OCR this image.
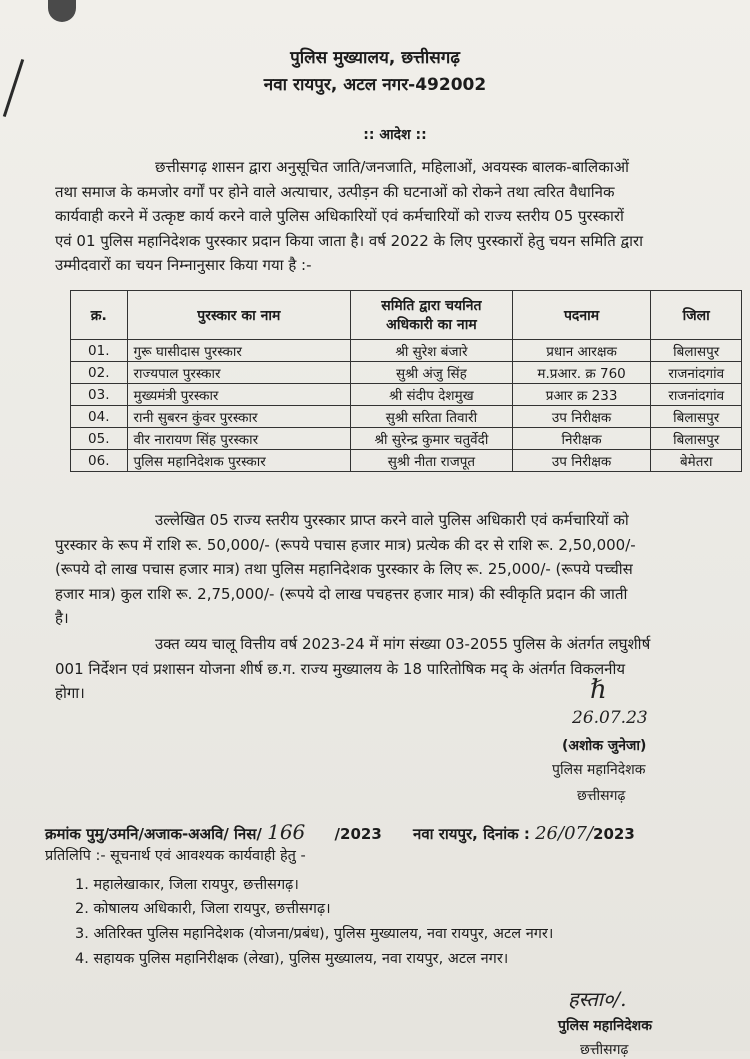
पुलिस मुख्यालय, छत्तीसगढ़
नवा रायपुर, अटल नगर-492002
:: आदेश ::
छत्तीसगढ़ शासन द्वारा अनुसूचित जाति/जनजाति, महिलाओं, अवयस्क बालक-बालिकाओं
तथा समाज के कमजोर वर्गों पर होने वाले अत्याचार, उत्पीड़न की घटनाओं को रोकने तथा त्वरित वैधानिक
कार्यवाही करने में उत्कृष्ट कार्य करने वाले पुलिस अधिकारियों एवं कर्मचारियों को राज्य स्तरीय 05 पुरस्कारों
एवं 01 पुलिस महानिदेशक पुरस्कार प्रदान किया जाता है। वर्ष 2022 के लिए पुरस्कारों हेतु चयन समिति द्वारा
उम्मीदवारों का चयन निम्नानुसार किया गया है :-
क्र.	पुरस्कार का नाम	समिति द्वारा चयनित अधिकारी का नाम	पदनाम	जिला
01.	गुरू घासीदास पुरस्कार	श्री सुरेश बंजारे	प्रधान आरक्षक	बिलासपुर
02.	राज्यपाल पुरस्कार	सुश्री अंजु सिंह	म.प्रआर. क्र 760	राजनांदगांव
03.	मुख्यमंत्री पुरस्कार	श्री संदीप देशमुख	प्रआर क्र 233	राजनांदगांव
04.	रानी सुबरन कुंवर पुरस्कार	सुश्री सरिता तिवारी	उप निरीक्षक	बिलासपुर
05.	वीर नारायण सिंह पुरस्कार	श्री सुरेन्द्र कुमार चतुर्वेदी	निरीक्षक	बिलासपुर
06.	पुलिस महानिदेशक पुरस्कार	सुश्री नीता राजपूत	उप निरीक्षक	बेमेतरा
उल्लेखित 05 राज्य स्तरीय पुरस्कार प्राप्त करने वाले पुलिस अधिकारी एवं कर्मचारियों को
पुरस्कार के रूप में राशि रू. 50,000/- (रूपये पचास हजार मात्र) प्रत्येक की दर से राशि रू. 2,50,000/-
(रूपये दो लाख पचास हजार मात्र) तथा पुलिस महानिदेशक पुरस्कार के लिए रू. 25,000/- (रूपये पच्चीस
हजार मात्र) कुल राशि रू. 2,75,000/- (रूपये दो लाख पचहत्तर हजार मात्र) की स्वीकृति प्रदान की जाती
है।
उक्त व्यय चालू वित्तीय वर्ष 2023-24 में मांग संख्या 03-2055 पुलिस के अंतर्गत लघुशीर्ष
001 निर्देशन एवं प्रशासन योजना शीर्ष छ.ग. राज्य मुख्यालय के 18 पारितोषिक मद् के अंतर्गत विकलनीय
होगा।	ℏ
26.07.23
(अशोक जुनेजा)
पुलिस महानिदेशक
छत्तीसगढ़
क्रमांक पुमु/उमनि/अजाक-अअवि/ निस/ 166 /2023 नवा रायपुर, दिनांक : 26/07/2023
प्रतिलिपि :- सूचनार्थ एवं आवश्यक कार्यवाही हेतु -
1. महालेखाकार, जिला रायपुर, छत्तीसगढ़।
2. कोषालय अधिकारी, जिला रायपुर, छत्तीसगढ़।
3. अतिरिक्त पुलिस महानिदेशक (योजना/प्रबंध), पुलिस मुख्यालय, नवा रायपुर, अटल नगर।
4. सहायक पुलिस महानिरीक्षक (लेखा), पुलिस मुख्यालय, नवा रायपुर, अटल नगर।
हस्ता०/.
पुलिस महानिदेशक
छत्तीसगढ़
